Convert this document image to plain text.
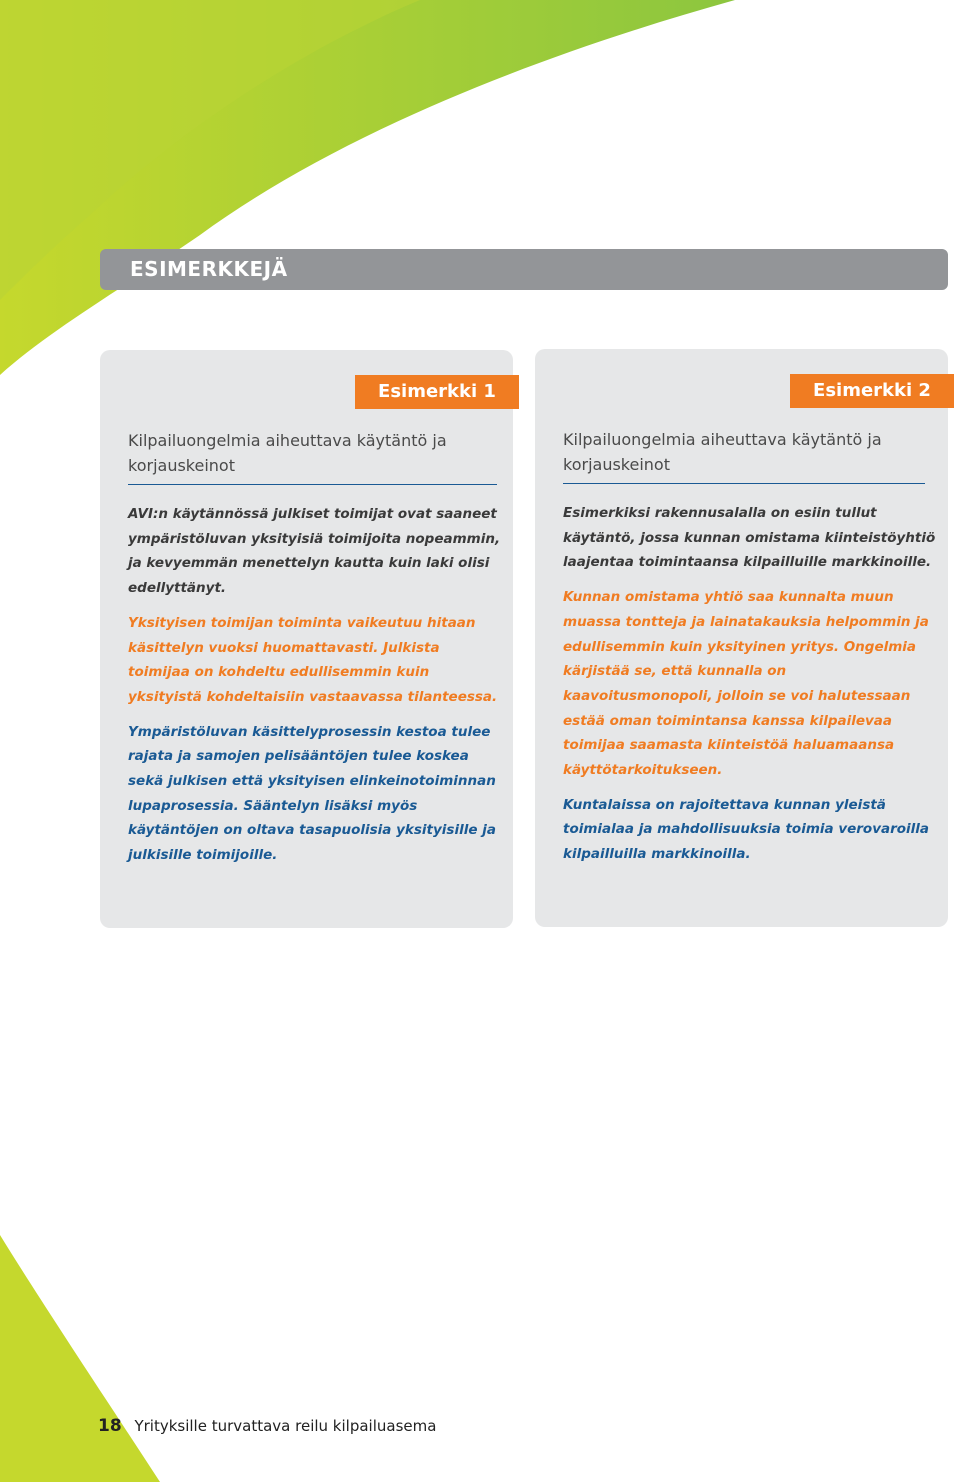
ESIMERKKEJÄ
Esimerkki 1
Kilpailuongelmia aiheuttava käytäntö ja korjauskeinot

AVI:n käytännössä julkiset toimijat ovat saaneet ympäristöluvan yksityisiä toimijoita nopeammin, ja kevyemmän menettelyn kautta kuin laki olisi edellyttänyt.

Yksityisen toimijan toiminta vaikeutuu hitaan käsittelyn vuoksi huomattavasti. Julkista toimijaa on kohdeltu edullisemmin kuin yksityistä kohdeltaisiin vastaavassa tilanteessa.

Ympäristöluvan käsittelyprosessin kestoa tulee rajata ja samojen pelisääntöjen tulee koskea sekä julkisen että yksityisen elinkeinotoiminnan lupaprosessia. Sääntelyn lisäksi myös käytäntöjen on oltava tasapuolisia yksityisille ja julkisille toimijoille.

Esimerkki 2
Kilpailuongelmia aiheuttava käytäntö ja korjauskeinot

Esimerkiksi rakennusalalla on esiin tullut käytäntö, jossa kunnan omistama kiinteistöyhtiö laajentaa toimintaansa kilpailluille markkinoille.

Kunnan omistama yhtiö saa kunnalta muun muassa tontteja ja lainatakauksia helpommin ja edullisemmin kuin yksityinen yritys. Ongelmia kärjistää se, että kunnalla on kaavoitusmonopoli, jolloin se voi halutessaan estää oman toimintansa kanssa kilpailevaa toimijaa saamasta kiinteistöä haluamaansa käyttötarkoitukseen.

Kuntalaissa on rajoitettava kunnan yleistä toimialaa ja mahdollisuuksia toimia verovaroilla kilpailluilla markkinoilla.

18 Yrityksille turvattava reilu kilpailuasema
